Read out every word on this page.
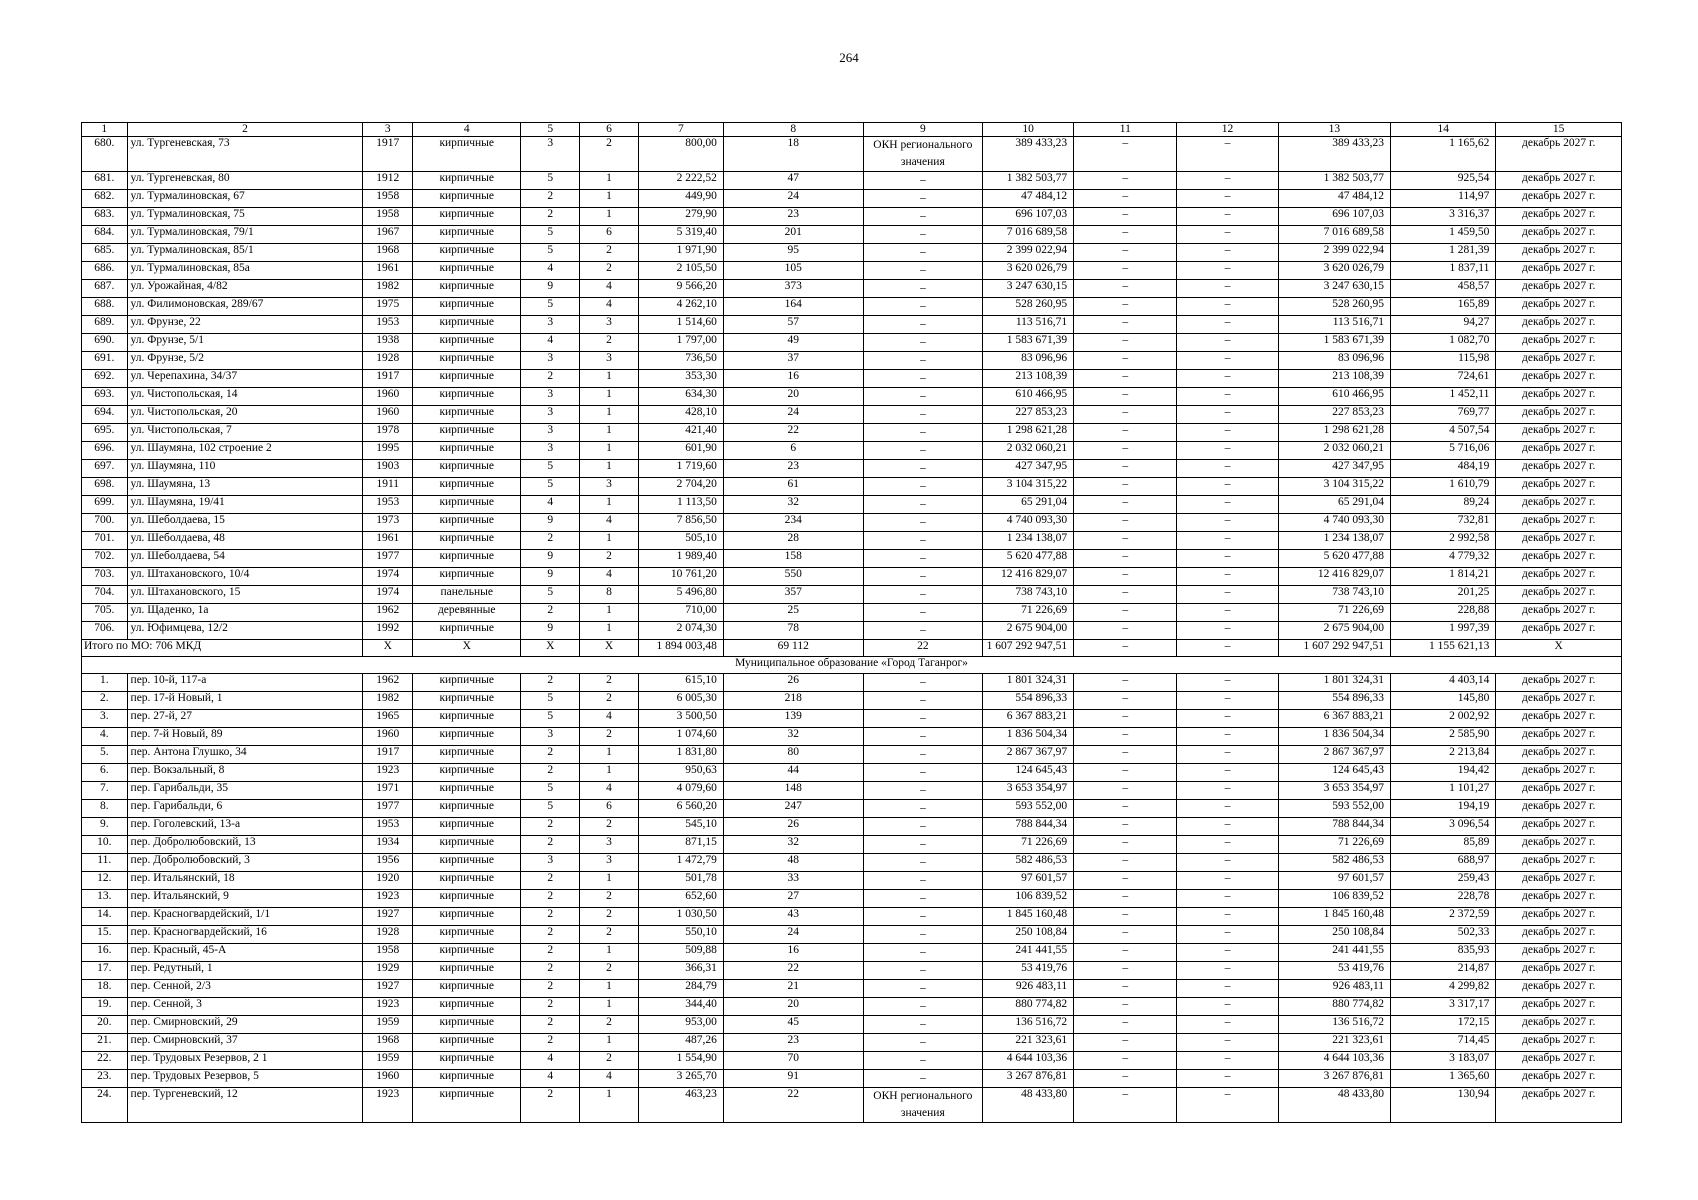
264
1	2	3	4	5	6	7	8	9	10	11	12	13	14	15
680.	ул. Тургеневская, 73	1917	кирпичные	3	2	800,00	18	ОКН регионального значения	389 433,23	–	–	389 433,23	1 165,62	декабрь 2027 г.
681.	ул. Тургеневская, 80	1912	кирпичные	5	1	2 222,52	47	–	1 382 503,77	–	–	1 382 503,77	925,54	декабрь 2027 г.
682.	ул. Турмалиновская, 67	1958	кирпичные	2	1	449,90	24	–	47 484,12	–	–	47 484,12	114,97	декабрь 2027 г.
683.	ул. Турмалиновская, 75	1958	кирпичные	2	1	279,90	23	–	696 107,03	–	–	696 107,03	3 316,37	декабрь 2027 г.
684.	ул. Турмалиновская, 79/1	1967	кирпичные	5	6	5 319,40	201	–	7 016 689,58	–	–	7 016 689,58	1 459,50	декабрь 2027 г.
685.	ул. Турмалиновская, 85/1	1968	кирпичные	5	2	1 971,90	95	–	2 399 022,94	–	–	2 399 022,94	1 281,39	декабрь 2027 г.
686.	ул. Турмалиновская, 85а	1961	кирпичные	4	2	2 105,50	105	–	3 620 026,79	–	–	3 620 026,79	1 837,11	декабрь 2027 г.
687.	ул. Урожайная, 4/82	1982	кирпичные	9	4	9 566,20	373	–	3 247 630,15	–	–	3 247 630,15	458,57	декабрь 2027 г.
688.	ул. Филимоновская, 289/67	1975	кирпичные	5	4	4 262,10	164	–	528 260,95	–	–	528 260,95	165,89	декабрь 2027 г.
689.	ул. Фрунзе, 22	1953	кирпичные	3	3	1 514,60	57	–	113 516,71	–	–	113 516,71	94,27	декабрь 2027 г.
690.	ул. Фрунзе, 5/1	1938	кирпичные	4	2	1 797,00	49	–	1 583 671,39	–	–	1 583 671,39	1 082,70	декабрь 2027 г.
691.	ул. Фрунзе, 5/2	1928	кирпичные	3	3	736,50	37	–	83 096,96	–	–	83 096,96	115,98	декабрь 2027 г.
692.	ул. Черепахина, 34/37	1917	кирпичные	2	1	353,30	16	–	213 108,39	–	–	213 108,39	724,61	декабрь 2027 г.
693.	ул. Чистопольская, 14	1960	кирпичные	3	1	634,30	20	–	610 466,95	–	–	610 466,95	1 452,11	декабрь 2027 г.
694.	ул. Чистопольская, 20	1960	кирпичные	3	1	428,10	24	–	227 853,23	–	–	227 853,23	769,77	декабрь 2027 г.
695.	ул. Чистопольская, 7	1978	кирпичные	3	1	421,40	22	–	1 298 621,28	–	–	1 298 621,28	4 507,54	декабрь 2027 г.
696.	ул. Шаумяна, 102 строение 2	1995	кирпичные	3	1	601,90	6	–	2 032 060,21	–	–	2 032 060,21	5 716,06	декабрь 2027 г.
697.	ул. Шаумяна, 110	1903	кирпичные	5	1	1 719,60	23	–	427 347,95	–	–	427 347,95	484,19	декабрь 2027 г.
698.	ул. Шаумяна, 13	1911	кирпичные	5	3	2 704,20	61	–	3 104 315,22	–	–	3 104 315,22	1 610,79	декабрь 2027 г.
699.	ул. Шаумяна, 19/41	1953	кирпичные	4	1	1 113,50	32	–	65 291,04	–	–	65 291,04	89,24	декабрь 2027 г.
700.	ул. Шеболдаева, 15	1973	кирпичные	9	4	7 856,50	234	–	4 740 093,30	–	–	4 740 093,30	732,81	декабрь 2027 г.
701.	ул. Шеболдаева, 48	1961	кирпичные	2	1	505,10	28	–	1 234 138,07	–	–	1 234 138,07	2 992,58	декабрь 2027 г.
702.	ул. Шеболдаева, 54	1977	кирпичные	9	2	1 989,40	158	–	5 620 477,88	–	–	5 620 477,88	4 779,32	декабрь 2027 г.
703.	ул. Штахановского, 10/4	1974	кирпичные	9	4	10 761,20	550	–	12 416 829,07	–	–	12 416 829,07	1 814,21	декабрь 2027 г.
704.	ул. Штахановского, 15	1974	панельные	5	8	5 496,80	357	–	738 743,10	–	–	738 743,10	201,25	декабрь 2027 г.
705.	ул. Щаденко, 1а	1962	деревянные	2	1	710,00	25	–	71 226,69	–	–	71 226,69	228,88	декабрь 2027 г.
706.	ул. Юфимцева, 12/2	1992	кирпичные	9	1	2 074,30	78	–	2 675 904,00	–	–	2 675 904,00	1 997,39	декабрь 2027 г.
Итого по МО: 706 МКД		X	X	X	X	1 894 003,48	69 112	22	1 607 292 947,51	–	–	1 607 292 947,51	1 155 621,13	X
Муниципальное образование «Город Таганрог»														
1.	пер. 10-й, 117-а	1962	кирпичные	2	2	615,10	26	–	1 801 324,31	–	–	1 801 324,31	4 403,14	декабрь 2027 г.
2.	пер. 17-й Новый, 1	1982	кирпичные	5	2	6 005,30	218	–	554 896,33	–	–	554 896,33	145,80	декабрь 2027 г.
3.	пер. 27-й, 27	1965	кирпичные	5	4	3 500,50	139	–	6 367 883,21	–	–	6 367 883,21	2 002,92	декабрь 2027 г.
4.	пер. 7-й Новый, 89	1960	кирпичные	3	2	1 074,60	32	–	1 836 504,34	–	–	1 836 504,34	2 585,90	декабрь 2027 г.
5.	пер. Антона Глушко, 34	1917	кирпичные	2	1	1 831,80	80	–	2 867 367,97	–	–	2 867 367,97	2 213,84	декабрь 2027 г.
6.	пер. Вокзальный, 8	1923	кирпичные	2	1	950,63	44	–	124 645,43	–	–	124 645,43	194,42	декабрь 2027 г.
7.	пер. Гарибальди, 35	1971	кирпичные	5	4	4 079,60	148	–	3 653 354,97	–	–	3 653 354,97	1 101,27	декабрь 2027 г.
8.	пер. Гарибальди, 6	1977	кирпичные	5	6	6 560,20	247	–	593 552,00	–	–	593 552,00	194,19	декабрь 2027 г.
9.	пер. Гоголевский, 13-а	1953	кирпичные	2	2	545,10	26	–	788 844,34	–	–	788 844,34	3 096,54	декабрь 2027 г.
10.	пер. Добролюбовский, 13	1934	кирпичные	2	3	871,15	32	–	71 226,69	–	–	71 226,69	85,89	декабрь 2027 г.
11.	пер. Добролюбовский, 3	1956	кирпичные	3	3	1 472,79	48	–	582 486,53	–	–	582 486,53	688,97	декабрь 2027 г.
12.	пер. Итальянский, 18	1920	кирпичные	2	1	501,78	33	–	97 601,57	–	–	97 601,57	259,43	декабрь 2027 г.
13.	пер. Итальянский, 9	1923	кирпичные	2	2	652,60	27	–	106 839,52	–	–	106 839,52	228,78	декабрь 2027 г.
14.	пер. Красногвардейский, 1/1	1927	кирпичные	2	2	1 030,50	43	–	1 845 160,48	–	–	1 845 160,48	2 372,59	декабрь 2027 г.
15.	пер. Красногвардейский, 16	1928	кирпичные	2	2	550,10	24	–	250 108,84	–	–	250 108,84	502,33	декабрь 2027 г.
16.	пер. Красный, 45-А	1958	кирпичные	2	1	509,88	16	–	241 441,55	–	–	241 441,55	835,93	декабрь 2027 г.
17.	пер. Редутный, 1	1929	кирпичные	2	2	366,31	22	–	53 419,76	–	–	53 419,76	214,87	декабрь 2027 г.
18.	пер. Сенной, 2/3	1927	кирпичные	2	1	284,79	21	–	926 483,11	–	–	926 483,11	4 299,82	декабрь 2027 г.
19.	пер. Сенной, 3	1923	кирпичные	2	1	344,40	20	–	880 774,82	–	–	880 774,82	3 317,17	декабрь 2027 г.
20.	пер. Смирновский, 29	1959	кирпичные	2	2	953,00	45	–	136 516,72	–	–	136 516,72	172,15	декабрь 2027 г.
21.	пер. Смирновский, 37	1968	кирпичные	2	1	487,26	23	–	221 323,61	–	–	221 323,61	714,45	декабрь 2027 г.
22.	пер. Трудовых Резервов, 2 1	1959	кирпичные	4	2	1 554,90	70	–	4 644 103,36	–	–	4 644 103,36	3 183,07	декабрь 2027 г.
23.	пер. Трудовых Резервов, 5	1960	кирпичные	4	4	3 265,70	91	–	3 267 876,81	–	–	3 267 876,81	1 365,60	декабрь 2027 г.
24.	пер. Тургеневский, 12	1923	кирпичные	2	1	463,23	22	ОКН регионального значения	48 433,80	–	–	48 433,80	130,94	декабрь 2027 г.
